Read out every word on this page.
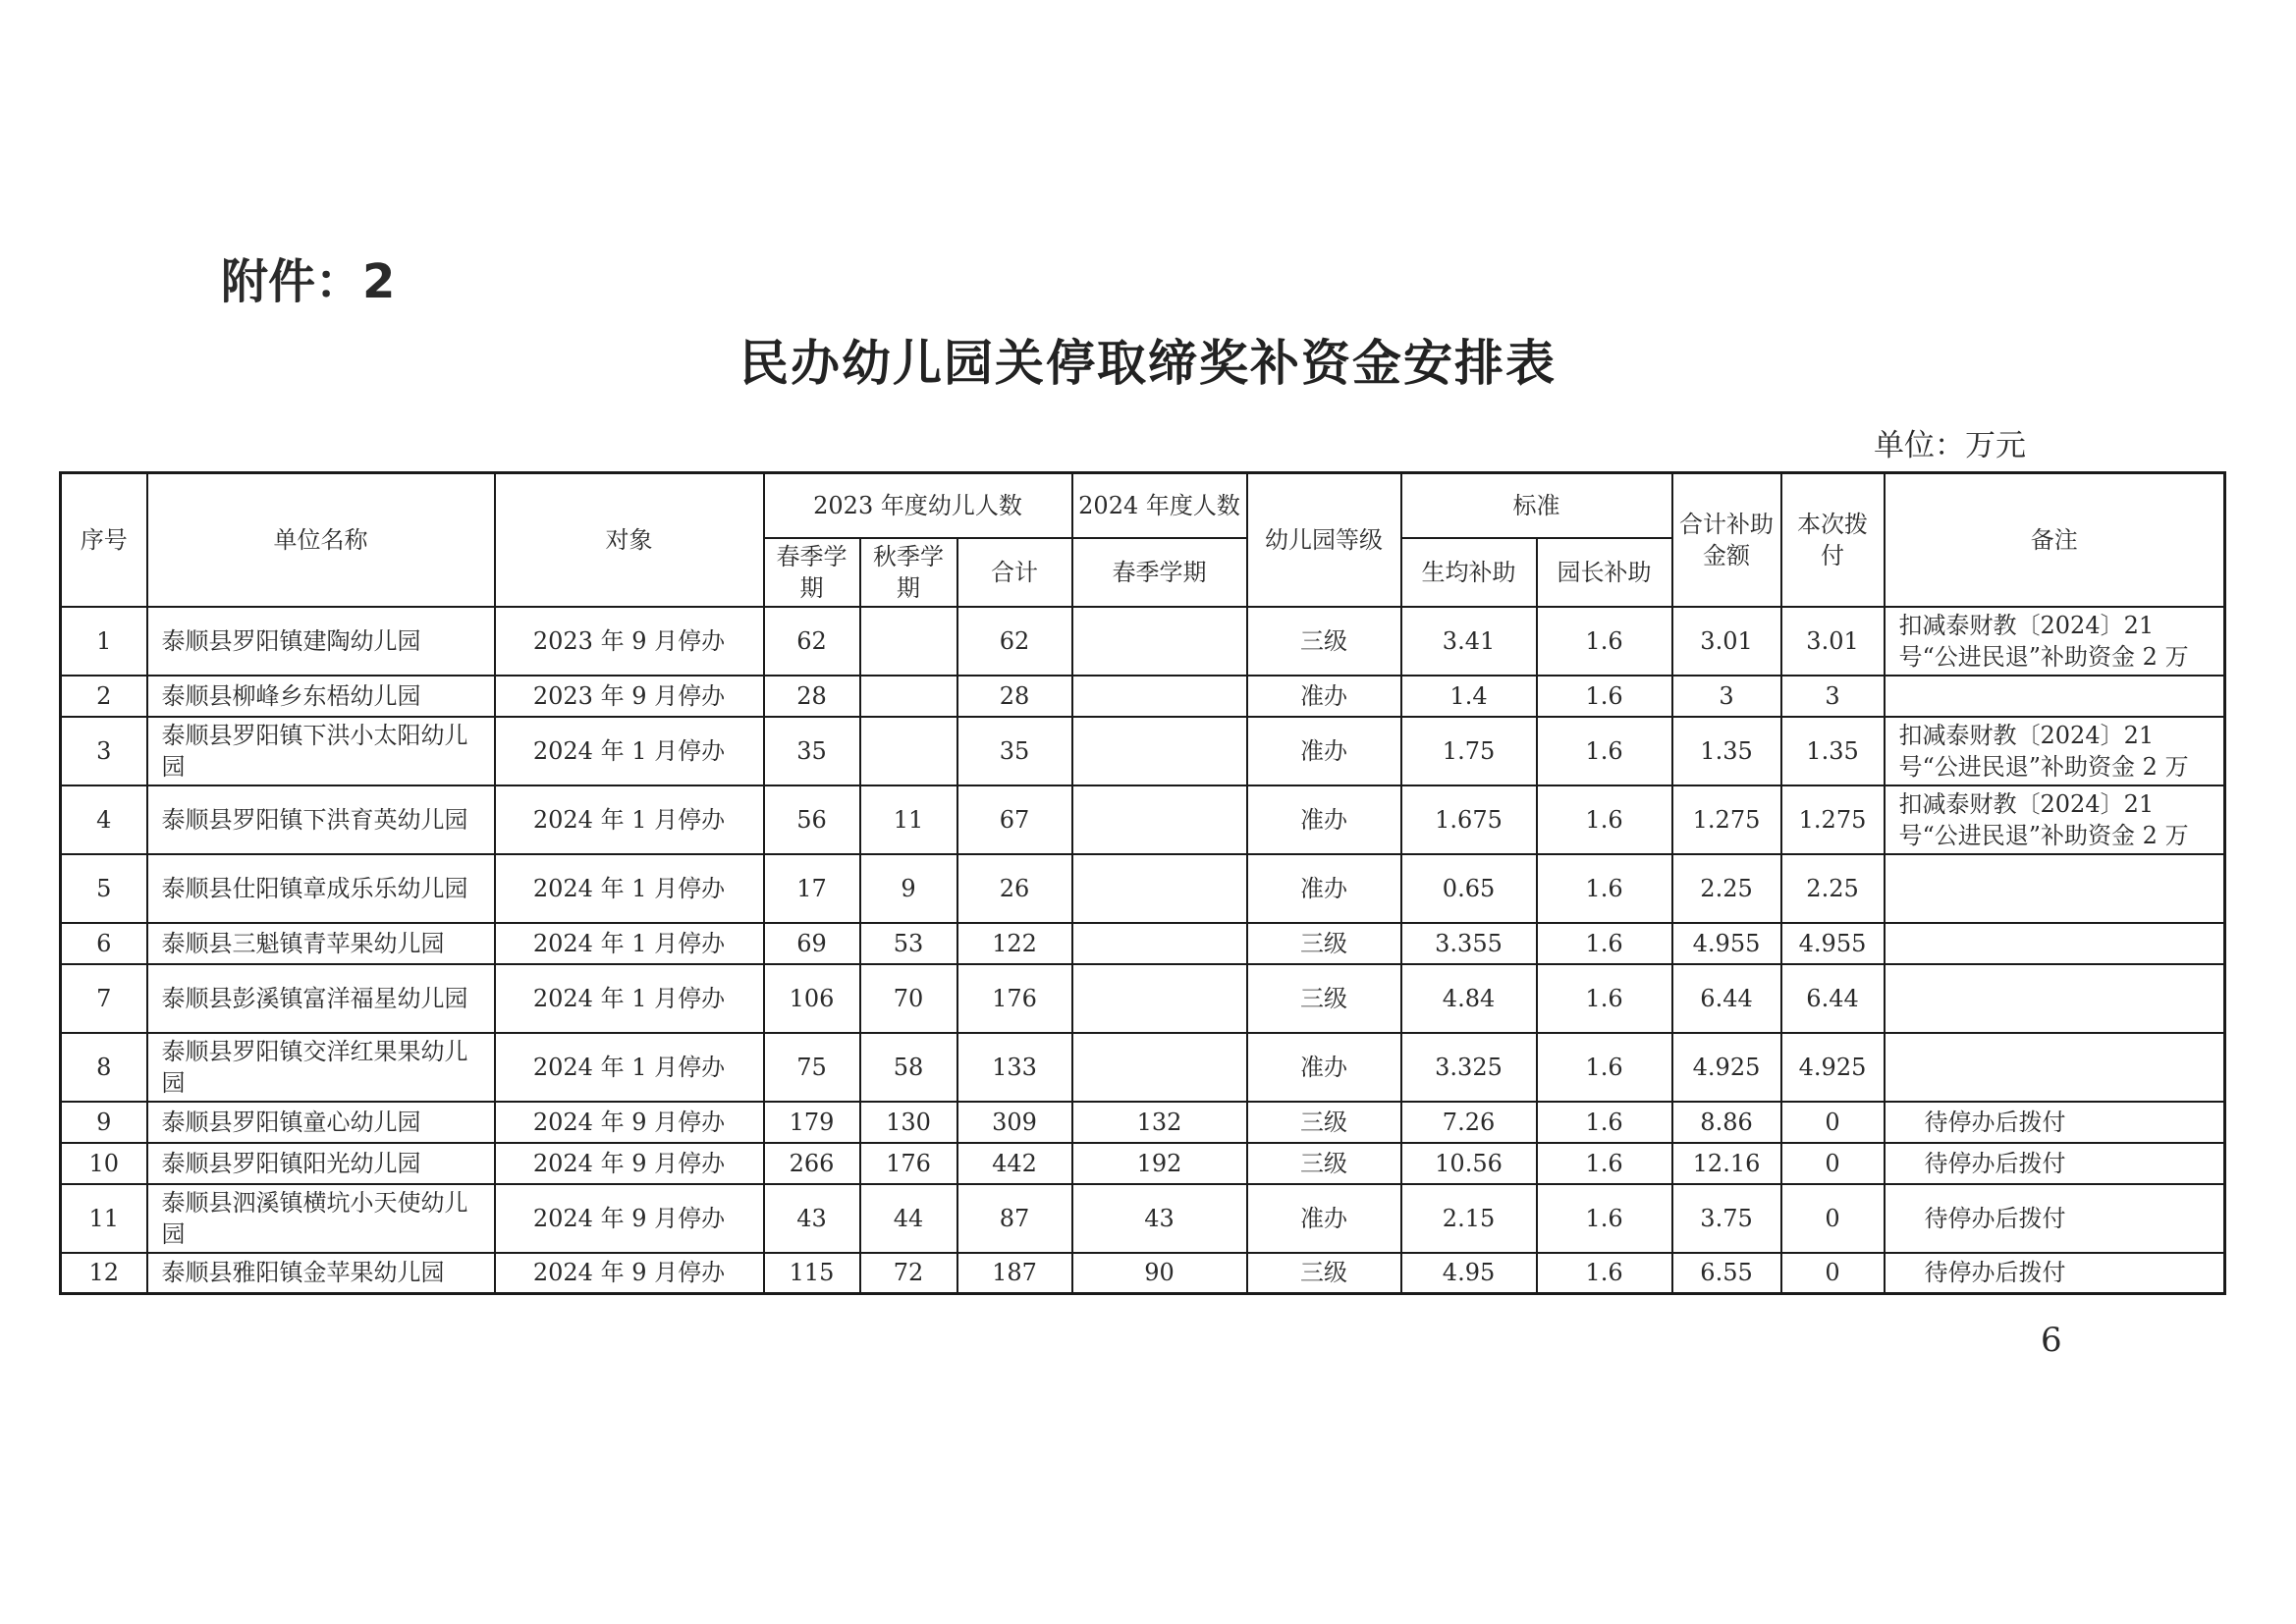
附件：2
民办幼儿园关停取缔奖补资金安排表
单位：万元
序号	单位名称	对象	2023 年度幼儿人数			2024 年度人数	幼儿园等级	标准		合计补助金额	本次拨付	备注
			春季学期	秋季学期	合计	春季学期		生均补助	园长补助			
1	泰顺县罗阳镇建陶幼儿园	2023 年 9 月停办	62		62		三级	3.41	1.6	3.01	3.01	扣减泰财教〔2024〕21 号“公进民退”补助资金 2 万
2	泰顺县柳峰乡东梧幼儿园	2023 年 9 月停办	28		28		准办	1.4	1.6	3	3	
3	泰顺县罗阳镇下洪小太阳幼儿园	2024 年 1 月停办	35		35		准办	1.75	1.6	1.35	1.35	扣减泰财教〔2024〕21 号“公进民退”补助资金 2 万
4	泰顺县罗阳镇下洪育英幼儿园	2024 年 1 月停办	56	11	67		准办	1.675	1.6	1.275	1.275	扣减泰财教〔2024〕21 号“公进民退”补助资金 2 万
5	泰顺县仕阳镇章成乐乐幼儿园	2024 年 1 月停办	17	9	26		准办	0.65	1.6	2.25	2.25	
6	泰顺县三魁镇青苹果幼儿园	2024 年 1 月停办	69	53	122		三级	3.355	1.6	4.955	4.955	
7	泰顺县彭溪镇富洋福星幼儿园	2024 年 1 月停办	106	70	176		三级	4.84	1.6	6.44	6.44	
8	泰顺县罗阳镇交洋红果果幼儿园	2024 年 1 月停办	75	58	133		准办	3.325	1.6	4.925	4.925	
9	泰顺县罗阳镇童心幼儿园	2024 年 9 月停办	179	130	309	132	三级	7.26	1.6	8.86	0	待停办后拨付
10	泰顺县罗阳镇阳光幼儿园	2024 年 9 月停办	266	176	442	192	三级	10.56	1.6	12.16	0	待停办后拨付
11	泰顺县泗溪镇横坑小天使幼儿园	2024 年 9 月停办	43	44	87	43	准办	2.15	1.6	3.75	0	待停办后拨付
12	泰顺县雅阳镇金苹果幼儿园	2024 年 9 月停办	115	72	187	90	三级	4.95	1.6	6.55	0	待停办后拨付
6
